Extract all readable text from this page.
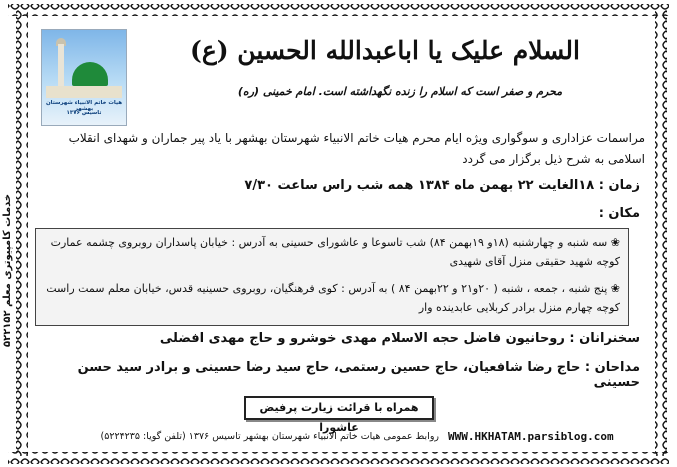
خدمات کامپیوتری معلم ۵۲۲۱۵۲
هیات خاتم الانبیاء شهرستان بهشهر
تاسیس ۱۳۷۶
السلام علیک یا اباعبدالله الحسین (ع)
محرم و صفر است که اسلام را زنده نگهداشته است. امام خمینی (ره)
مراسمات عزاداری و سوگواری ویژه ایام محرم هیات خاتم الانبیاء شهرستان بهشهر با یاد پیر جماران و شهدای انقلاب اسلامی به شرح ذیل برگزار می گردد
زمان : ۱۸الغایت ۲۲ بهمن ماه ۱۳۸۴ همه شب راس ساعت ۷/۳۰
مکان :
❀ سه شنبه و چهارشنبه (۱۸و ۱۹بهمن ۸۴) شب تاسوعا و عاشورای حسینی به آدرس : خیابان پاسداران روبروی چشمه عمارت کوچه شهید حقیقی منزل آقای شهیدی
❀ پنج شنبه ، جمعه ، شنبه ( ۲۰و۲۱ و ۲۲بهمن ۸۴ ) به آدرس : کوی فرهنگیان، روبروی حسینیه قدس، خیابان معلم سمت راست کوچه چهارم منزل برادر کربلایی عابدینده وار
سخنرانان : روحانیون فاضل حجه الاسلام مهدی خوشرو و حاج مهدی افضلی
مداحان : حاج رضا شافعیان، حاج حسین رستمی، حاج سید رضا حسینی و برادر سید حسن حسینی
همراه با قرائت زیارت پرفیض عاشورا
WWW.HKHATAM.parsiblog.com
روابط عمومی هیات خاتم الانبیاء شهرستان بهشهر تاسیس ۱۳۷۶ (تلفن گویا: ۵۲۲۴۲۳۵)
